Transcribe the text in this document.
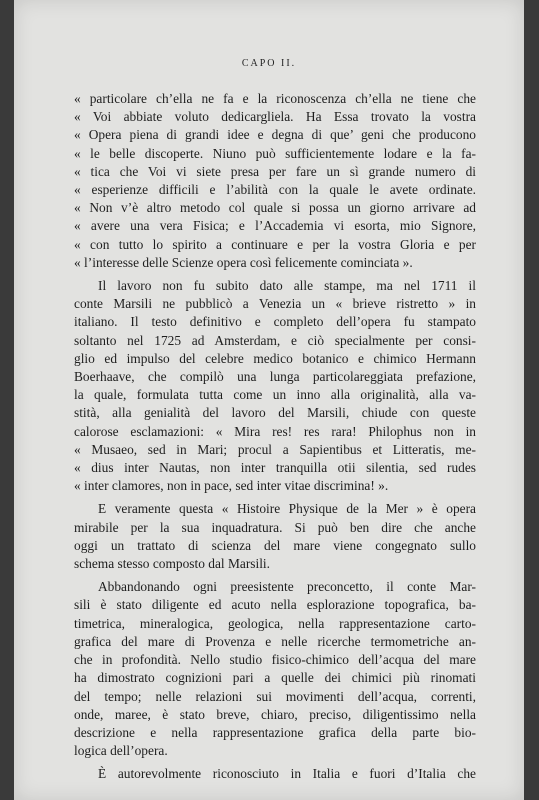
CAPO II.
« particolare ch’ella ne fa e la riconoscenza ch’ella ne tiene che
« Voi abbiate voluto dedicargliela. Ha Essa trovato la vostra
« Opera piena di grandi idee e degna di que’ geni che producono
« le belle discoperte. Niuno può sufficientemente lodare e la fa-
« tica che Voi vi siete presa per fare un sì grande numero di
« esperienze difficili e l’abilità con la quale le avete ordinate.
« Non v’è altro metodo col quale si possa un giorno arrivare ad
« avere una vera Fisica; e l’Accademia vi esorta, mio Signore,
« con tutto lo spirito a continuare e per la vostra Gloria e per
« l’interesse delle Scienze opera così felicemente cominciata ».
Il lavoro non fu subito dato alle stampe, ma nel 1711 il
conte Marsili ne pubblicò a Venezia un « brieve ristretto » in
italiano. Il testo definitivo e completo dell’opera fu stampato
soltanto nel 1725 ad Amsterdam, e ciò specialmente per consi-
glio ed impulso del celebre medico botanico e chimico Hermann
Boerhaave, che compilò una lunga particolareggiata prefazione,
la quale, formulata tutta come un inno alla originalità, alla va-
stità, alla genialità del lavoro del Marsili, chiude con queste
calorose esclamazioni: « Mira res! res rara! Philophus non in
« Musaeo, sed in Mari; procul a Sapientibus et Litteratis, me-
« dius inter Nautas, non inter tranquilla otii silentia, sed rudes
« inter clamores, non in pace, sed inter vitae discrimina! ».
E veramente questa « Histoire Physique de la Mer » è opera
mirabile per la sua inquadratura. Si può ben dire che anche
oggi un trattato di scienza del mare viene congegnato sullo
schema stesso composto dal Marsili.
Abbandonando ogni preesistente preconcetto, il conte Mar-
sili è stato diligente ed acuto nella esplorazione topografica, ba-
timetrica, mineralogica, geologica, nella rappresentazione carto-
grafica del mare di Provenza e nelle ricerche termometriche an-
che in profondità. Nello studio fisico-chimico dell’acqua del mare
ha dimostrato cognizioni pari a quelle dei chimici più rinomati
del tempo; nelle relazioni sui movimenti dell’acqua, correnti,
onde, maree, è stato breve, chiaro, preciso, diligentissimo nella
descrizione e nella rappresentazione grafica della parte bio-
logica dell’opera.
È autorevolmente riconosciuto in Italia e fuori d’Italia che
